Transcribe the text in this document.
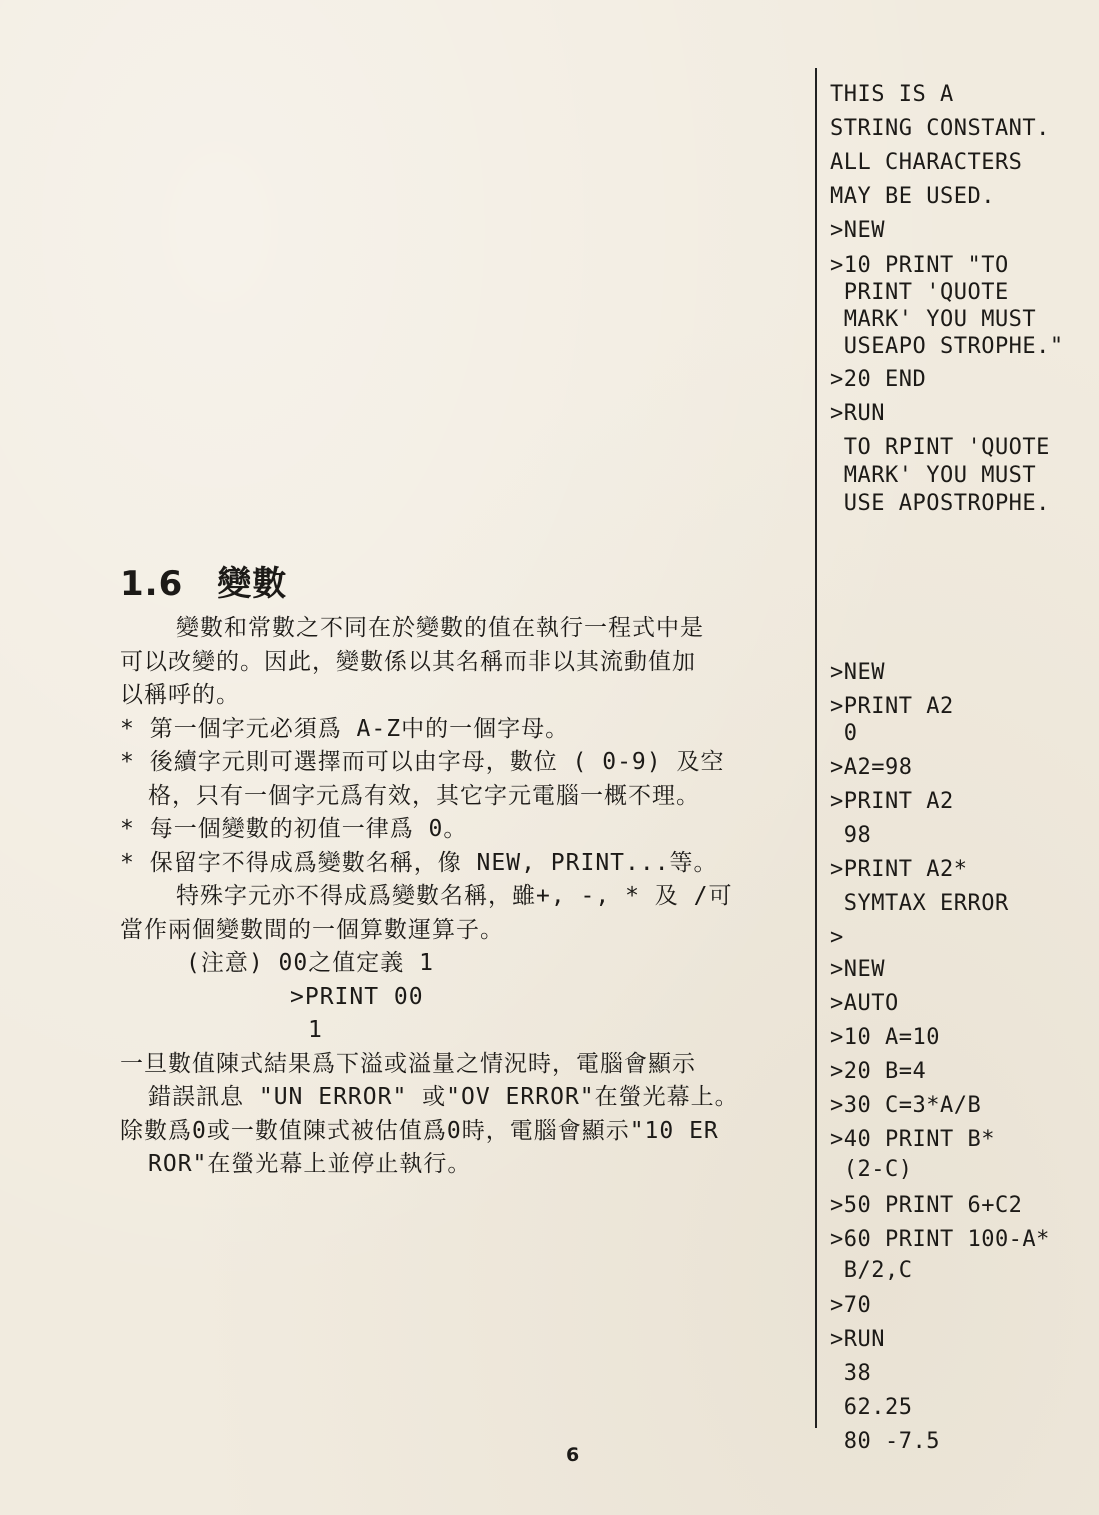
1.6 變數
變數和常數之不同在於變數的值在執行一程式中是
可以改變的。因此，變數係以其名稱而非以其流動值加
以稱呼的。
* 第一個字元必須爲 A-Z中的一個字母。
* 後續字元則可選擇而可以由字母，數位 ( 0-9) 及空
格，只有一個字元爲有效，其它字元電腦一概不理。
* 每一個變數的初值一律爲 0。
* 保留字不得成爲變數名稱，像 NEW, PRINT...等。
特殊字元亦不得成爲變數名稱，雖+, -, * 及 /可
當作兩個變數間的一個算數運算子。
(注意) 00之值定義 1
>PRINT 00
1
一旦數值陳式結果爲下溢或溢量之情況時，電腦會顯示
錯誤訊息 "UN ERROR" 或"OV ERROR"在螢光幕上。
除數爲0或一數值陳式被估值爲0時，電腦會顯示"10 ER
ROR"在螢光幕上並停止執行。
THIS IS A
STRING CONSTANT.
ALL CHARACTERS
MAY BE USED.
>NEW
>10 PRINT "TO
PRINT 'QUOTE
MARK' YOU MUST
USEAPO STROPHE."
>20 END
>RUN
TO RPINT 'QUOTE
MARK' YOU MUST
USE APOSTROPHE.
>NEW
>PRINT A2
0
>A2=98
>PRINT A2
98
>PRINT A2*
SYMTAX ERROR
>
>NEW
>AUTO
>10 A=10
>20 B=4
>30 C=3*A/B
>40 PRINT B*
(2-C)
>50 PRINT 6+C2
>60 PRINT 100-A*
B/2,C
>70
>RUN
38
62.25
80 -7.5
6
